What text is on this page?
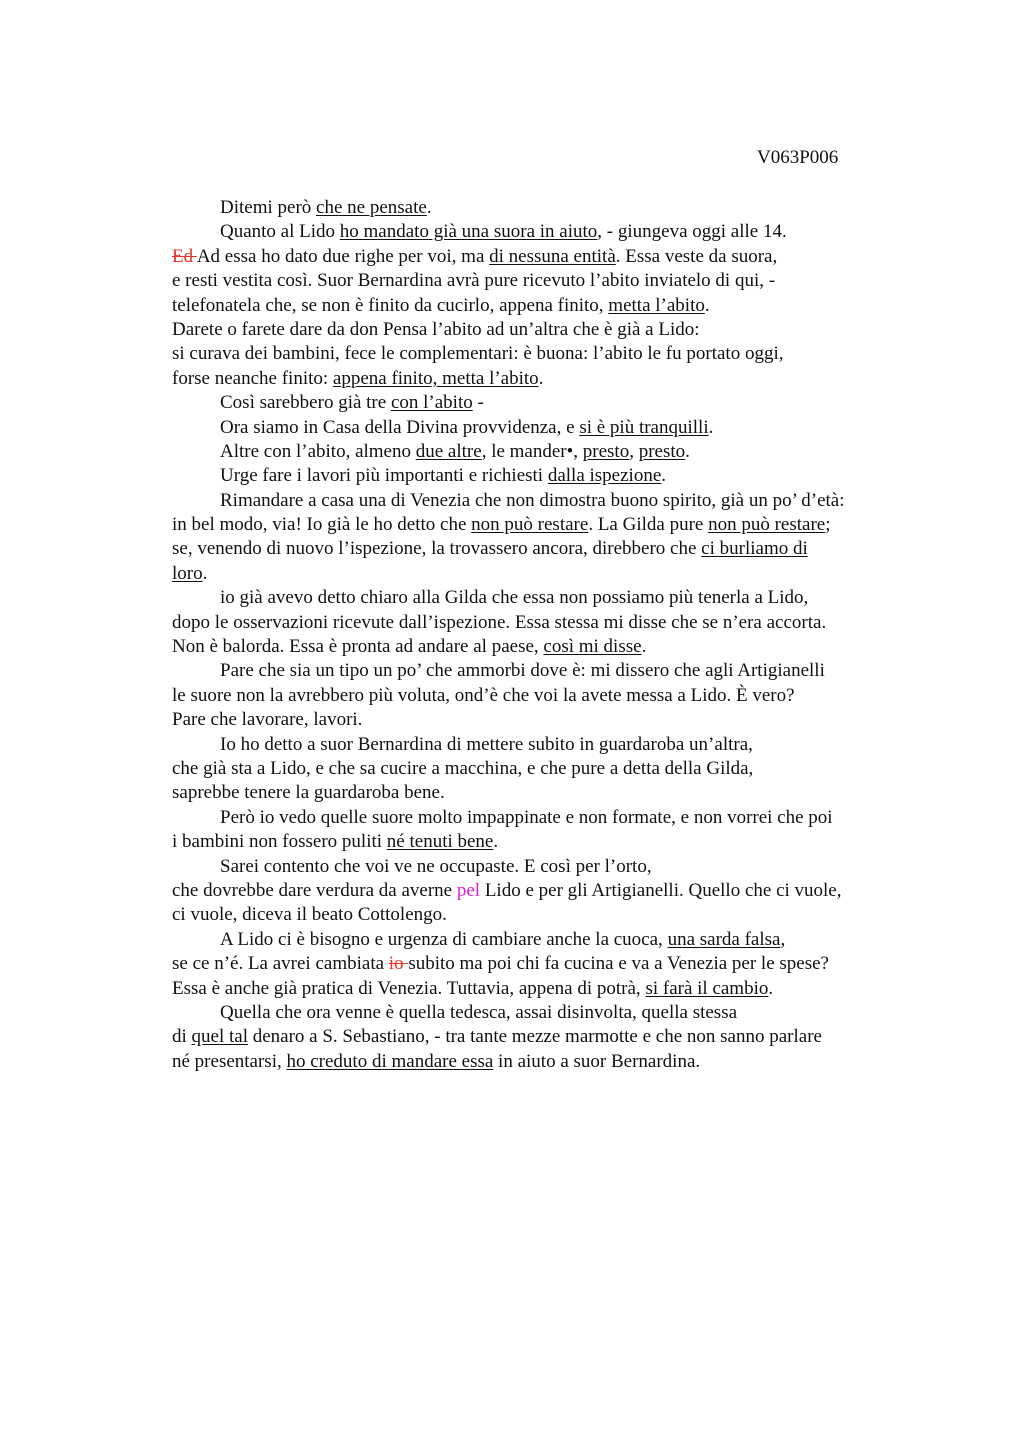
V063P006
Ditemi però che ne pensate.
Quanto al Lido ho mandato già una suora in aiuto, - giungeva oggi alle 14.
Ed Ad essa ho dato due righe per voi, ma di nessuna entità. Essa veste da suora,
e resti vestita così. Suor Bernardina avrà pure ricevuto l’abito inviatelo di qui, -
telefonatela che, se non è finito da cucirlo, appena finito, metta l’abito.
Darete o farete dare da don Pensa l’abito ad un’altra che è già a Lido:
si curava dei bambini, fece le complementari: è buona: l’abito le fu portato oggi,
forse neanche finito: appena finito, metta l’abito.
Così sarebbero già tre con l’abito -
Ora siamo in Casa della Divina provvidenza, e si è più tranquilli.
Altre con l’abito, almeno due altre, le mander•, presto, presto.
Urge fare i lavori più importanti e richiesti dalla ispezione.
Rimandare a casa una di Venezia che non dimostra buono spirito, già un po’ d’età:
in bel modo, via! Io già le ho detto che non può restare. La Gilda pure non può restare;
se, venendo di nuovo l’ispezione, la trovassero ancora, direbbero che ci burliamo di
loro.
io già avevo detto chiaro alla Gilda che essa non possiamo più tenerla a Lido,
dopo le osservazioni ricevute dall’ispezione. Essa stessa mi disse che se n’era accorta.
Non è balorda. Essa è pronta ad andare al paese, così mi disse.
Pare che sia un tipo un po’ che ammorbi dove è: mi dissero che agli Artigianelli
le suore non la avrebbero più voluta, ond’è che voi la avete messa a Lido. È vero?
Pare che lavorare, lavori.
Io ho detto a suor Bernardina di mettere subito in guardaroba un’altra,
che già sta a Lido, e che sa cucire a macchina, e che pure a detta della Gilda,
saprebbe tenere la guardaroba bene.
Però io vedo quelle suore molto impappinate e non formate, e non vorrei che poi
i bambini non fossero puliti né tenuti bene.
Sarei contento che voi ve ne occupaste. E così per l’orto,
che dovrebbe dare verdura da averne pel Lido e per gli Artigianelli. Quello che ci vuole,
ci vuole, diceva il beato Cottolengo.
A Lido ci è bisogno e urgenza di cambiare anche la cuoca, una sarda falsa,
se ce n’é. La avrei cambiata io subito ma poi chi fa cucina e va a Venezia per le spese?
Essa è anche già pratica di Venezia. Tuttavia, appena di potrà, si farà il cambio.
Quella che ora venne è quella tedesca, assai disinvolta, quella stessa
di quel tal denaro a S. Sebastiano, - tra tante mezze marmotte e che non sanno parlare
né presentarsi, ho creduto di mandare essa in aiuto a suor Bernardina.
